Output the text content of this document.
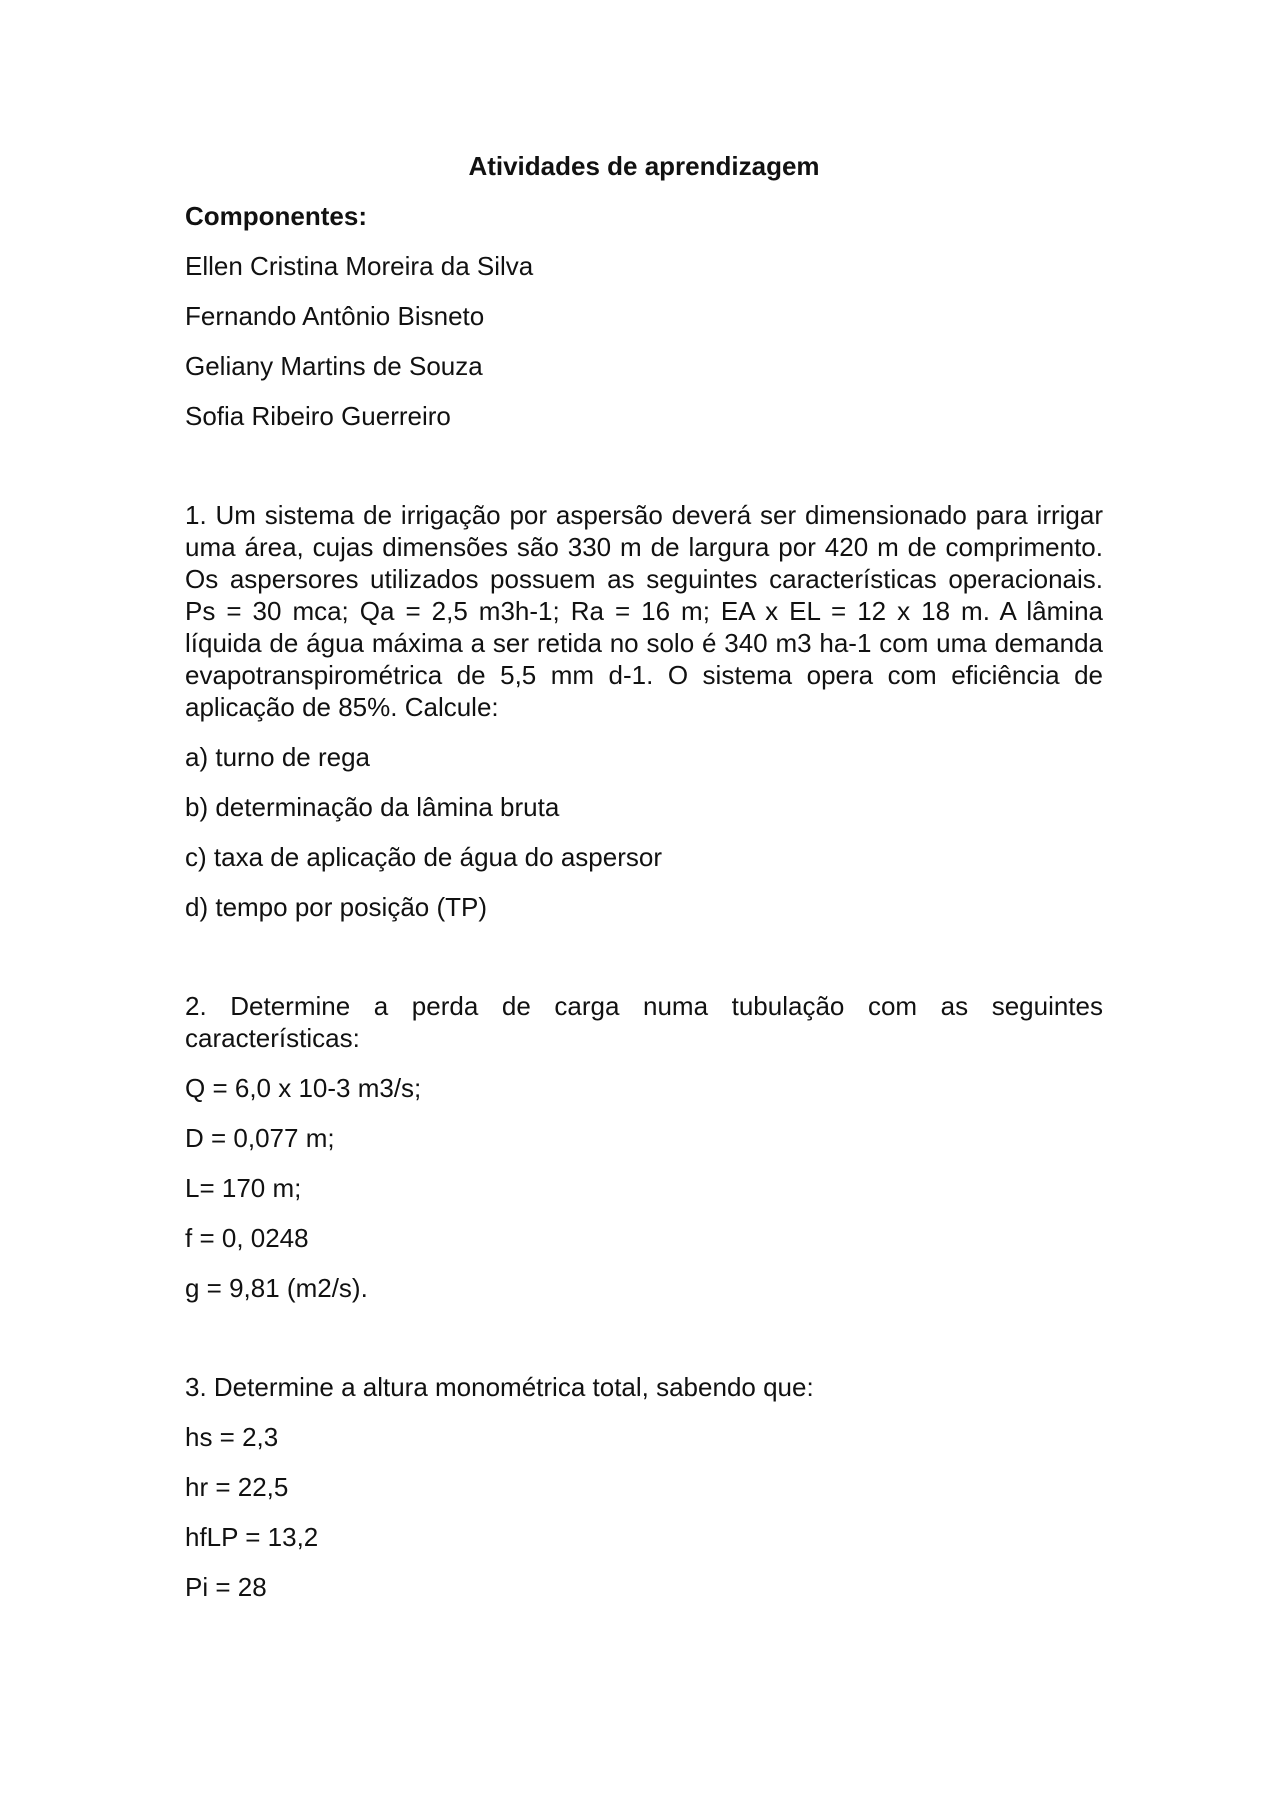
Atividades de aprendizagem
Componentes:
Ellen Cristina Moreira da Silva
Fernando Antônio Bisneto
Geliany Martins de Souza
Sofia Ribeiro Guerreiro
1. Um sistema de irrigação por aspersão deverá ser dimensionado para irrigar uma área, cujas dimensões são 330 m de largura por 420 m de comprimento. Os aspersores utilizados possuem as seguintes características operacionais. Ps = 30 mca; Qa = 2,5 m3h-1; Ra = 16 m; EA x EL = 12 x 18 m. A lâmina líquida de água máxima a ser retida no solo é 340 m3 ha-1 com uma demanda evapotranspirométrica de 5,5 mm d-1. O sistema opera com eficiência de aplicação de 85%. Calcule:
a) turno de rega
b) determinação da lâmina bruta
c) taxa de aplicação de água do aspersor
d) tempo por posição (TP)
2. Determine a perda de carga numa tubulação com as seguintes características:
Q = 6,0 x 10-3 m3/s;
D = 0,077 m;
L= 170 m;
f = 0, 0248
g = 9,81 (m2/s).
3. Determine a altura monométrica total, sabendo que:
hs = 2,3
hr = 22,5
hfLP = 13,2
Pi = 28
